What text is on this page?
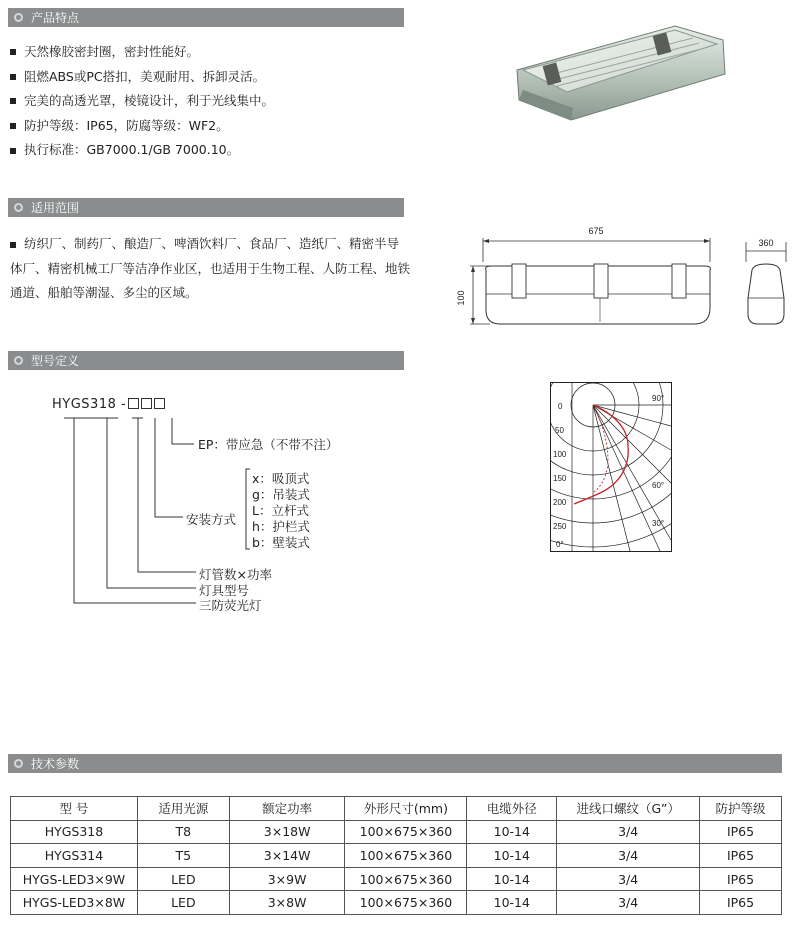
产品特点
天然橡胶密封圈，密封性能好。
阻燃ABS或PC搭扣，美观耐用、拆卸灵活。
完美的高透光罩，棱镜设计，利于光线集中。
防护等级：IP65，防腐等级：WF2。
执行标准：GB7000.1/GB 7000.10。
适用范围
纺织厂、制药厂、酿造厂、啤酒饮料厂、食品厂、造纸厂、精密半导体厂、精密机械工厂等洁净作业区，也适用于生物工程、人防工程、地铁通道、船舶等潮湿、多尘的区域。
675
100
360
型号定义
HYGS318 -
EP：带应急（不带不注）
x：吸顶式
g：吊装式
L：立杆式
安装方式 h：护栏式
b：壁装式
灯管数×功率
灯具型号
三防荧光灯
0
50
100
150
200
250
0°
90°
60°
30°
技术参数
型 号	适用光源	额定功率	外形尺寸(mm)	电缆外径	进线口螺纹（G”）	防护等级
HYGS318	T8	3×18W	100×675×360	10-14	3/4	IP65
HYGS314	T5	3×14W	100×675×360	10-14	3/4	IP65
HYGS-LED3×9W	LED	3×9W	100×675×360	10-14	3/4	IP65
HYGS-LED3×8W	LED	3×8W	100×675×360	10-14	3/4	IP65
